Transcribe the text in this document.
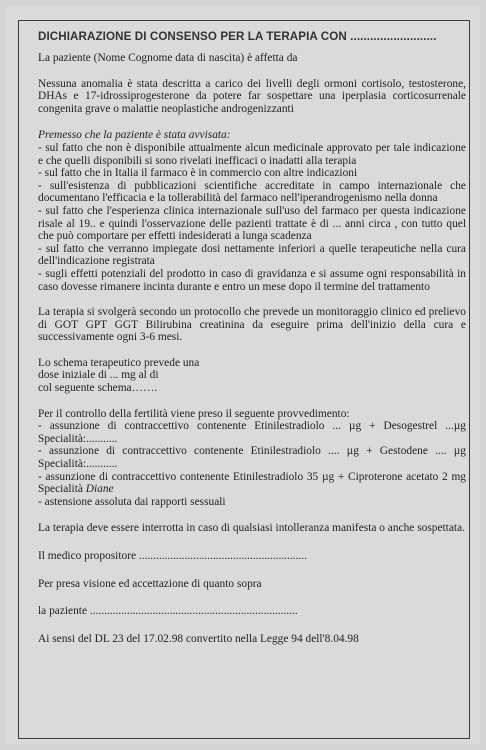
DICHIARAZIONE DI CONSENSO PER LA TERAPIA CON ..........................

La paziente (Nome Cognome data di nascita) è affetta da

Nessuna anomalia è stata descritta a carico dei livelli degli ormoni cortisolo, testosterone, DHAs e 17-idrossiprogesterone da potere far sospettare una iperplasia corticosurrenale congenita grave o malattie neoplastiche androgenizzanti

Premesso che la paziente è stata avvisata:

- sul fatto che non è disponibile attualmente alcun medicinale approvato per tale indicazione e che quelli disponibili si sono rivelati inefficaci o inadatti alla terapia
- sul fatto che in Italia il farmaco è in commercio con altre indicazioni
- sull'esistenza di pubblicazioni scientifiche accreditate in campo internazionale che documentano l'efficacia e la tollerabilità del farmaco nell'iperandrogenismo nella donna
- sul fatto che l'esperienza clinica internazionale sull'uso del farmaco per questa indicazione risale al 19.. e quindi l'osservazione delle pazienti trattate è di ... anni circa , con tutto quel che può comportare per effetti indesiderati a lunga scadenza
- sul fatto che verranno impiegate dosi nettamente inferiori a quelle terapeutiche nella cura dell'indicazione registrata
- sugli effetti potenziali del prodotto in caso di gravidanza e si assume ogni responsabilità in caso dovesse rimanere incinta durante e entro un mese dopo il termine del trattamento

La terapia si svolgerà secondo un protocollo che prevede un monitoraggio clinico ed prelievo di GOT GPT GGT Bilirubina creatinina da eseguire prima dell'inizio della cura e successivamente ogni 3-6 mesi.

Lo schema terapeutico prevede una
dose iniziale di ... mg al di
col seguente schema…….

Per il controllo della fertilità viene preso il seguente provvedimento:

- assunzione di contraccettivo contenente Etinilestradiolo ... µg + Desogestrel ...µg Specialità:...........
- assunzione di contraccettivo contenente Etinilestradiolo .... µg + Gestodene .... µg Specialità:...........
- assunzione di contraccettivo contenente Etinilestradiolo 35 µg + Ciproterone acetato 2 mg Specialità Diane
- astensione assoluta dai rapporti sessuali

La terapia deve essere interrotta in caso di qualsiasi intolleranza manifesta o anche sospettata.

Il medico propositore ...........................................................

Per presa visione ed accettazione di quanto sopra

la paziente .........................................................................

Ai sensi del DL 23 del 17.02.98 convertito nella Legge 94 dell'8.04.98
